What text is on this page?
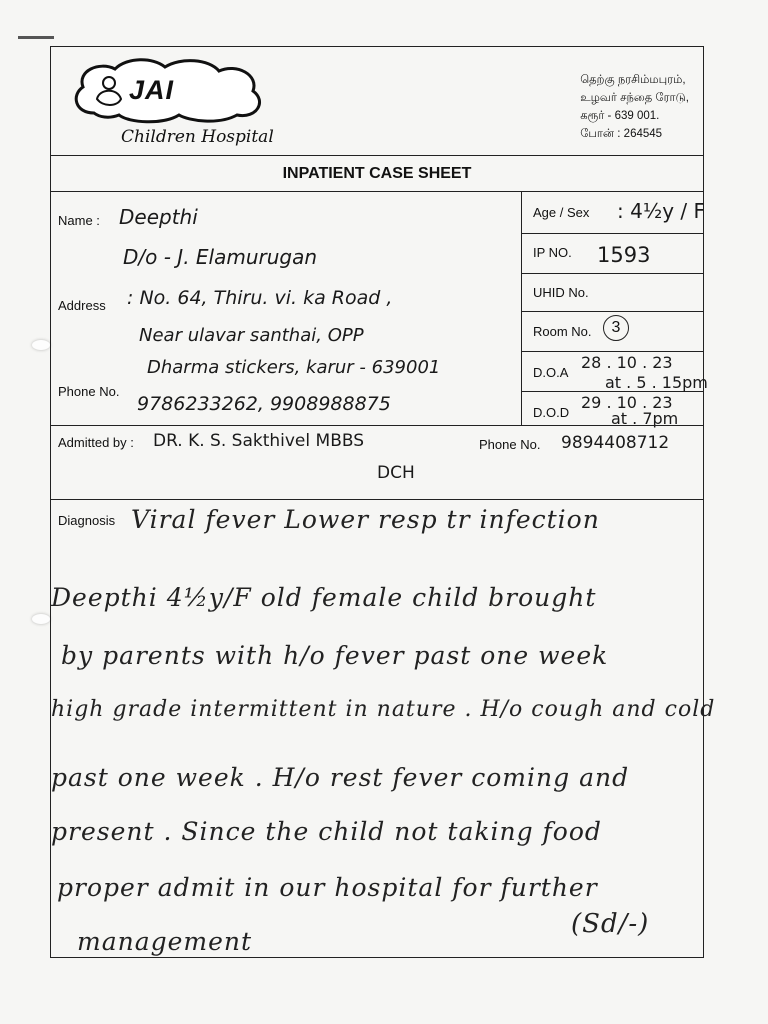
JAI
Children Hospital
தெற்கு நரசிம்மபுரம்,
உழவர் சந்தை ரோடு,
கரூர் - 639 001.
போன் : 264545
INPATIENT CASE SHEET
Name : Deepthi
D/o - J. Elamurugan
Address : No. 64, Thiru. vi. ka Road ,
Near ulavar santhai, OPP
Dharma stickers, karur - 639001
Phone No.
9786233262, 9908988875
Age / Sex : 4½y / F
IP NO. 1593
UHID No.
Room No.	3
D.O.A
28 . 10 . 23
at . 5 . 15pm
D.O.D
29 . 10 . 23
at . 7pm
Admitted by : DR. K. S. Sakthivel MBBS
DCH
Phone No. 9894408712
Diagnosis Viral fever Lower resp tr infection
Deepthi 4½y/F old female child brought
by parents with h/o fever past one week
high grade intermittent in nature . H/o cough and cold
past one week . H/o rest fever coming and
present . Since the child not taking food
proper admit in our hospital for further
management
(Sd/-)
